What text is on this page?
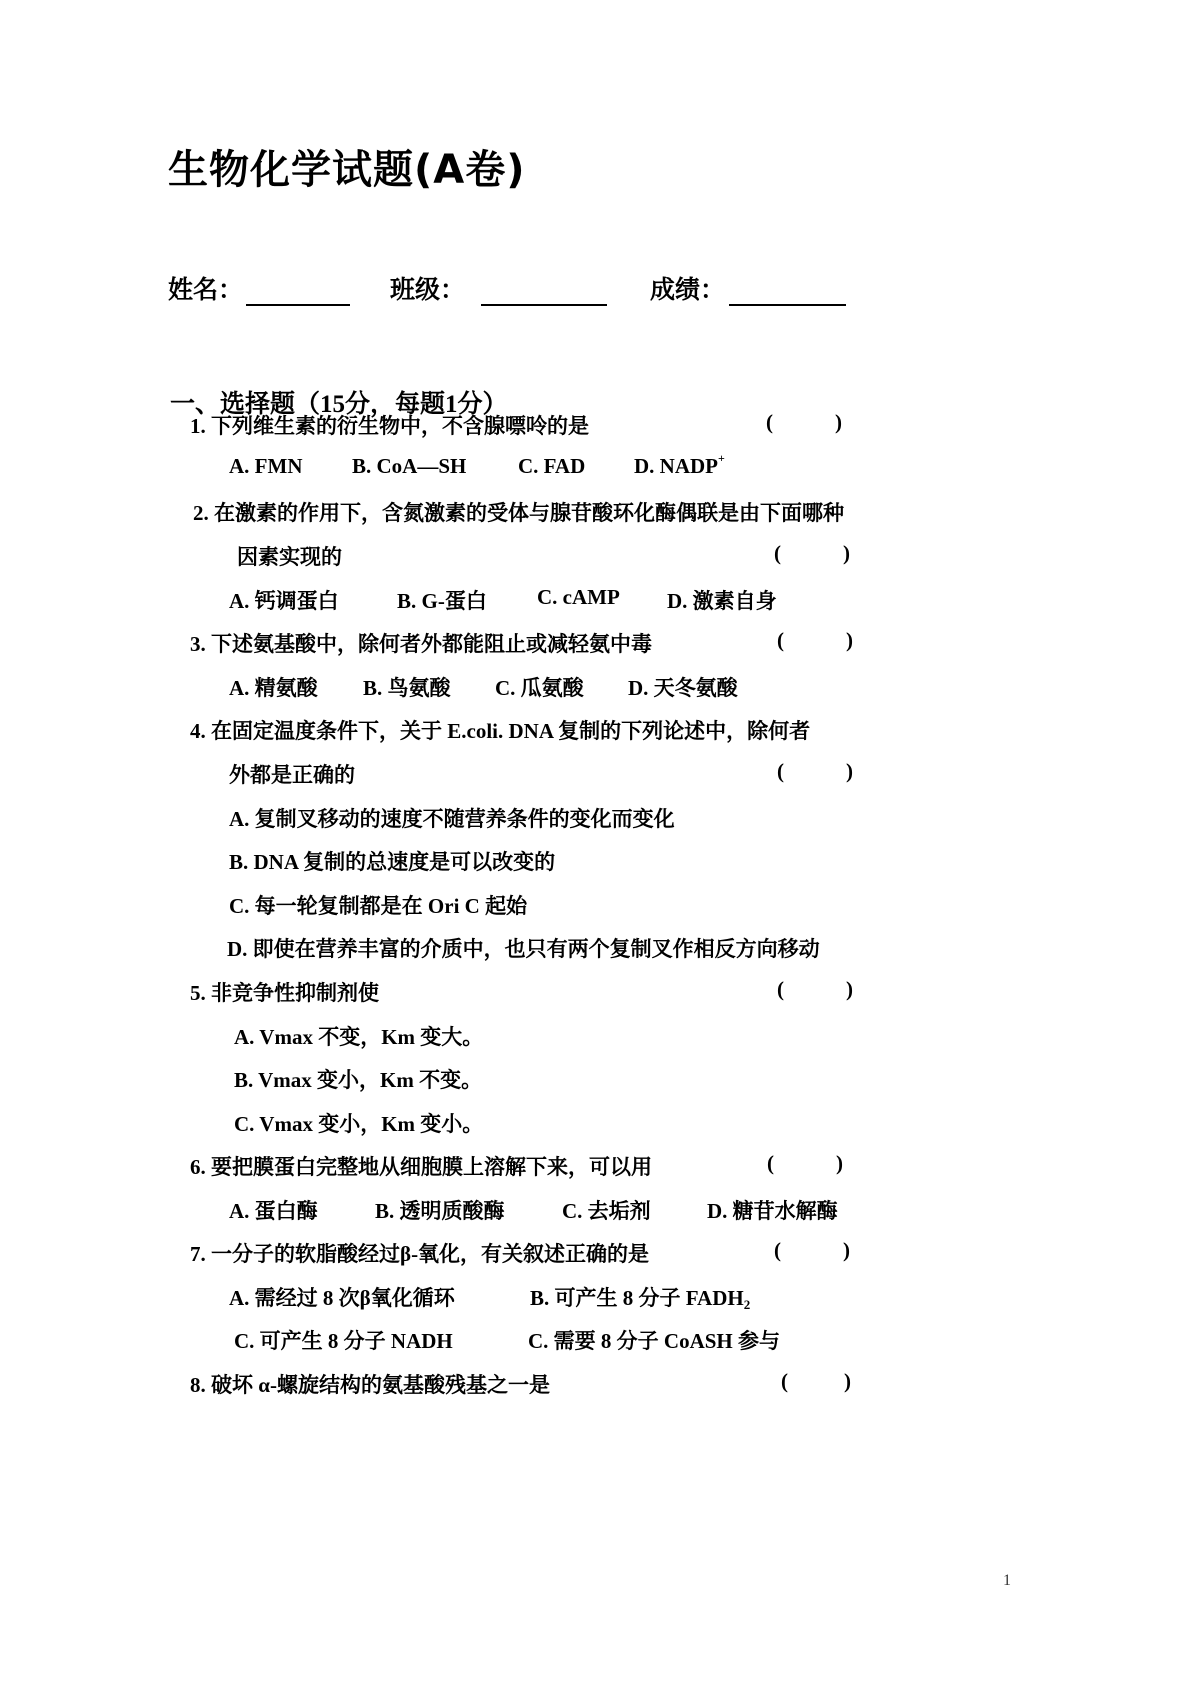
生物化学试题(A卷)
姓名：	班级：	成绩：
一、选择题（15分，每题1分）
1. 下列维生素的衍生物中，不含腺嘌呤的是	(	)
A. FMN B. CoA—SH C. FAD D. NADP+
2. 在激素的作用下，含氮激素的受体与腺苷酸环化酶偶联是由下面哪种
因素实现的	(	)
A. 钙调蛋白	B. G-蛋白 C. cAMP D. 激素自身
3. 下述氨基酸中，除何者外都能阻止或减轻氨中毒	(	)
A. 精氨酸 B. 鸟氨酸 C. 瓜氨酸 D. 天冬氨酸
4. 在固定温度条件下，关于 E.coli. DNA 复制的下列论述中，除何者
外都是正确的	(	)
A. 复制叉移动的速度不随营养条件的变化而变化
B. DNA 复制的总速度是可以改变的
C. 每一轮复制都是在 Ori C 起始
D. 即使在营养丰富的介质中，也只有两个复制叉作相反方向移动
5. 非竞争性抑制剂使	(	)
A. Vmax 不变，Km 变大。
B. Vmax 变小，Km 不变。
C. Vmax 变小，Km 变小。
6. 要把膜蛋白完整地从细胞膜上溶解下来，可以用	(	)
A. 蛋白酶	B. 透明质酸酶	C. 去垢剂	D. 糖苷水解酶
7. 一分子的软脂酸经过β-氧化，有关叙述正确的是	(	)
A. 需经过 8 次β氧化循环	B. 可产生 8 分子 $FADH_2$
C. 可产生 8 分子 NADH	C. 需要 8 分子 CoASH 参与
8. 破坏 α-螺旋结构的氨基酸残基之一是	(	)
1
